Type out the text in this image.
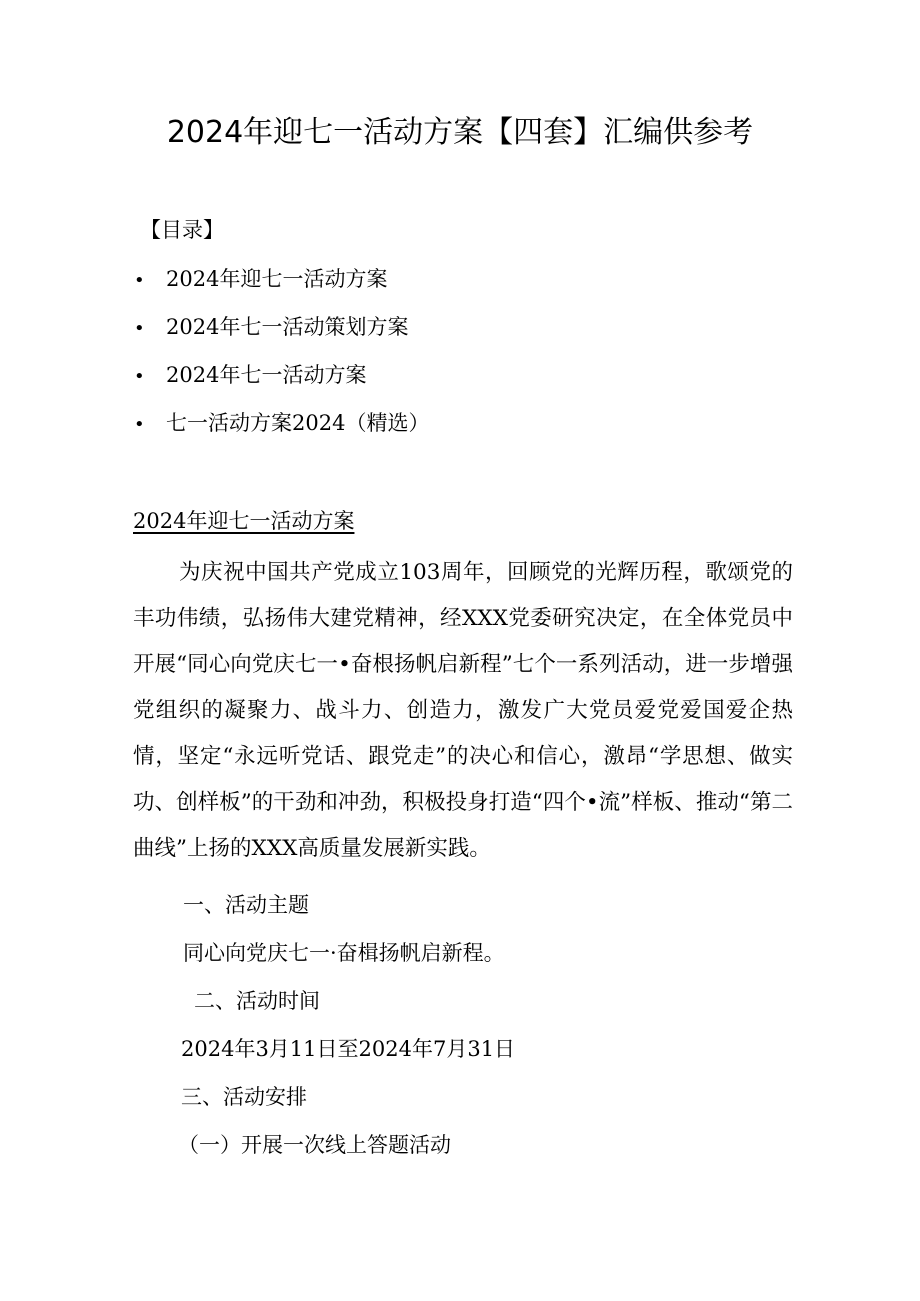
2024年迎七一活动方案【四套】汇编供参考
【目录】
• 2024年迎七一活动方案
• 2024年七一活动策划方案
• 2024年七一活动方案
• 七一活动方案2024（精选）
2024年迎七一活动方案

为庆祝中国共产党成立103周年，回顾党的光辉历程，歌颂党的丰功伟绩，弘扬伟大建党精神，经XXX党委研究决定，在全体党员中开展“同心向党庆七一•奋根扬帆启新程”七个一系列活动，进一步增强党组织的凝聚力、战斗力、创造力，激发广大党员爱党爱国爱企热情，坚定“永远听党话、跟党走”的决心和信心，激昂“学思想、做实功、创样板”的干劲和冲劲，积极投身打造“四个•流”样板、推动“第二曲线”上扬的XXX高质量发展新实践。

一、活动主题
同心向党庆七一·奋楫扬帆启新程。
二、活动时间
2024年3月11日至2024年7月31日
三、活动安排
（一）开展一次线上答题活动
